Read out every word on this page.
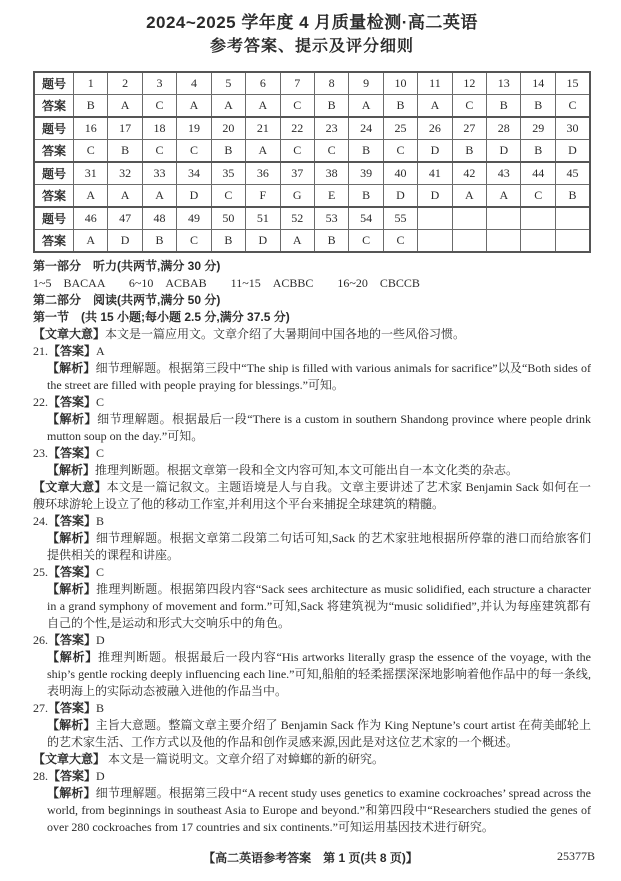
2024~2025 学年度 4 月质量检测·高二英语
参考答案、提示及评分细则
题号	1	2	3	4	5	6	7	8	9	10	11	12	13	14	15
答案	B	A	C	A	A	A	C	B	A	B	A	C	B	B	C
题号	16	17	18	19	20	21	22	23	24	25	26	27	28	29	30
答案	C	B	C	C	B	A	C	C	B	C	D	B	D	B	D
题号	31	32	33	34	35	36	37	38	39	40	41	42	43	44	45
答案	A	A	A	D	C	F	G	E	B	D	D	A	A	C	B
题号	46	47	48	49	50	51	52	53	54	55					
答案	A	D	B	C	B	D	A	B	C	C					
第一部分　听力(共两节,满分 30 分)
1~5　BACAA　　6~10　ACBAB　　11~15　ACBBC　　16~20　CBCCB
第二部分　阅读(共两节,满分 50 分)
第一节　(共 15 小题;每小题 2.5 分,满分 37.5 分)
【文章大意】本文是一篇应用文。文章介绍了大暑期间中国各地的一些风俗习惯。
21.【答案】A
【解析】细节理解题。根据第三段中“The ship is filled with various animals for sacrifice”以及“Both sides of the street are filled with people praying for blessings.”可知。
22.【答案】C
【解析】细节理解题。根据最后一段“There is a custom in southern Shandong province where people drink mutton soup on the day.”可知。
23.【答案】C
【解析】推理判断题。根据文章第一段和全文内容可知,本文可能出自一本文化类的杂志。
【文章大意】本文是一篇记叙文。主题语境是人与自我。文章主要讲述了艺术家 Benjamin Sack 如何在一艘环球游轮上设立了他的移动工作室,并利用这个平台来捕捉全球建筑的精髓。
24.【答案】B
【解析】细节理解题。根据文章第二段第二句话可知,Sack 的艺术家驻地根据所停靠的港口而给旅客们提供相关的课程和讲座。
25.【答案】C
【解析】推理判断题。根据第四段内容“Sack sees architecture as music solidified, each structure a character in a grand symphony of movement and form.”可知,Sack 将建筑视为“music solidified”,并认为每座建筑都有自己的个性,是运动和形式大交响乐中的角色。
26.【答案】D
【解析】推理判断题。根据最后一段内容“His artworks literally grasp the essence of the voyage, with the ship’s gentle rocking deeply influencing each line.”可知,船舶的轻柔摇摆深深地影响着他作品中的每一条线,表明海上的实际动态被融入进他的作品当中。
27.【答案】B
【解析】主旨大意题。整篇文章主要介绍了 Benjamin Sack 作为 King Neptune’s court artist 在荷美邮轮上的艺术家生活、工作方式以及他的作品和创作灵感来源,因此是对这位艺术家的一个概述。
【文章大意】 本文是一篇说明文。文章介绍了对蟑螂的新的研究。
28.【答案】D
【解析】细节理解题。根据第三段中“A recent study uses genetics to examine cockroaches’ spread across the world, from beginnings in southeast Asia to Europe and beyond.”和第四段中“Researchers studied the genes of over 280 cockroaches from 17 countries and six continents.”可知运用基因技术进行研究。
【高二英语参考答案　第 1 页(共 8 页)】	25377B
